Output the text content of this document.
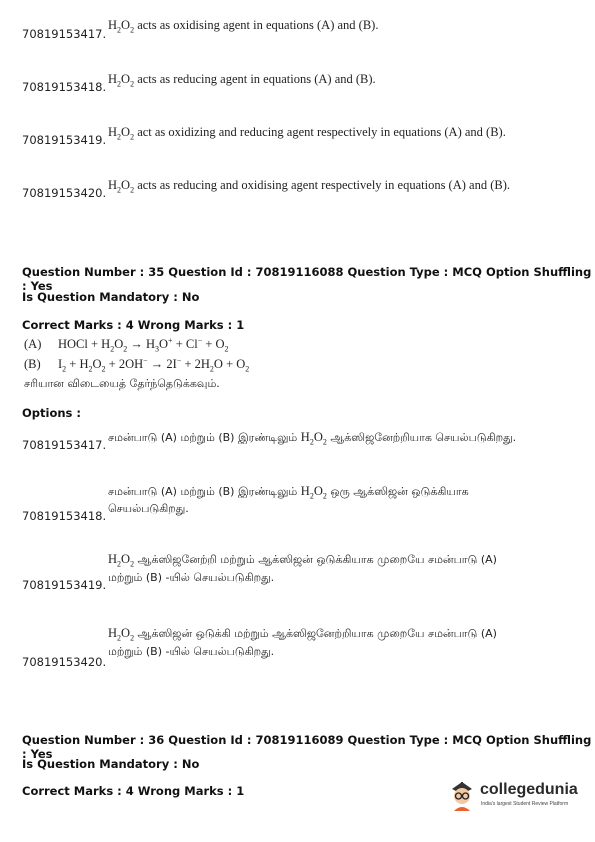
70819153417.
$H_2O_2$ acts as oxidising agent in equations (A) and (B).
70819153418.
$H_2O_2$ acts as reducing agent in equations (A) and (B).
70819153419.
$H_2O_2$ act as oxidizing and reducing agent respectively in equations (A) and (B).
70819153420.
$H_2O_2$ acts as reducing and oxidising agent respectively in equations (A) and (B).
Question Number : 35 Question Id : 70819116088 Question Type : MCQ Option Shuffling : Yes
Is Question Mandatory : No
Correct Marks : 4 Wrong Marks : 1
(A) HOCl + $H_2O_2 \to H_3O^+ + Cl^- + O_2$
(B) $I_2 + H_2O_2 + 2OH^- \to 2I^- + 2H_2O + O_2$
சரியான விடையைத் தேர்ந்தெடுக்கவும்.
Options :
70819153417.
சமன்பாடு (A) மற்றும் (B) இரண்டிலும் $H_2O_2$ ஆக்ஸிஜனேற்றியாக செயல்படுகிறது.
சமன்பாடு (A) மற்றும் (B) இரண்டிலும் $H_2O_2$ ஒரு ஆக்ஸிஜன் ஒடுக்கியாக
செயல்படுகிறது.
70819153418.
$H_2O_2$ ஆக்ஸிஜனேற்றி மற்றும் ஆக்ஸிஜன் ஒடுக்கியாக முறையே சமன்பாடு (A)
மற்றும் (B) -யில் செயல்படுகிறது.
70819153419.
$H_2O_2$ ஆக்ஸிஜன் ஒடுக்கி மற்றும் ஆக்ஸிஜனேற்றியாக முறையே சமன்பாடு (A)
மற்றும் (B) -யில் செயல்படுகிறது.
70819153420.
Question Number : 36 Question Id : 70819116089 Question Type : MCQ Option Shuffling : Yes
Is Question Mandatory : No
Correct Marks : 4 Wrong Marks : 1	collegedunia
India's largest Student Review Platform
